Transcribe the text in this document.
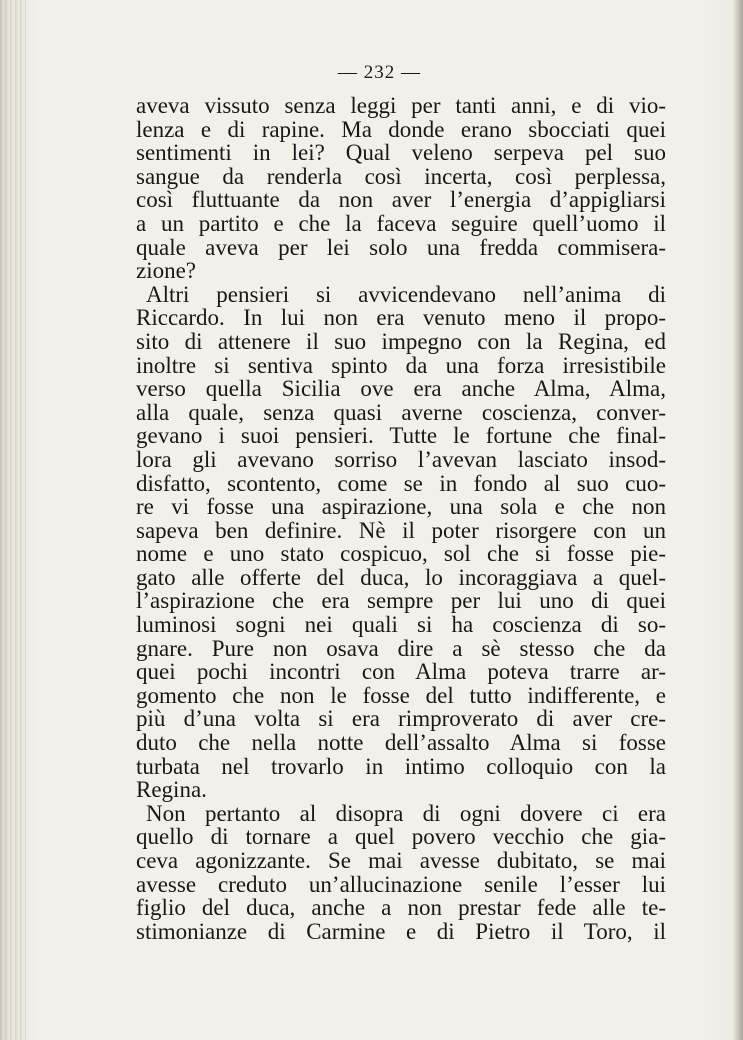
— 232 —
aveva vissuto senza leggi per tanti anni, e di vio-
lenza e di rapine. Ma donde erano sbocciati quei
sentimenti in lei? Qual veleno serpeva pel suo
sangue da renderla così incerta, così perplessa,
così fluttuante da non aver l’energia d’appigliarsi
a un partito e che la faceva seguire quell’uomo il
quale aveva per lei solo una fredda commisera-
zione?
Altri pensieri si avvicendevano nell’anima di
Riccardo. In lui non era venuto meno il propo-
sito di attenere il suo impegno con la Regina, ed
inoltre si sentiva spinto da una forza irresistibile
verso quella Sicilia ove era anche Alma, Alma,
alla quale, senza quasi averne coscienza, conver-
gevano i suoi pensieri. Tutte le fortune che final-
lora gli avevano sorriso l’avevan lasciato insod-
disfatto, scontento, come se in fondo al suo cuo-
re vi fosse una aspirazione, una sola e che non
sapeva ben definire. Nè il poter risorgere con un
nome e uno stato cospicuo, sol che si fosse pie-
gato alle offerte del duca, lo incoraggiava a quel-
l’aspirazione che era sempre per lui uno di quei
luminosi sogni nei quali si ha coscienza di so-
gnare. Pure non osava dire a sè stesso che da
quei pochi incontri con Alma poteva trarre ar-
gomento che non le fosse del tutto indifferente, e
più d’una volta si era rimproverato di aver cre-
duto che nella notte dell’assalto Alma si fosse
turbata nel trovarlo in intimo colloquio con la
Regina.
Non pertanto al disopra di ogni dovere ci era
quello di tornare a quel povero vecchio che gia-
ceva agonizzante. Se mai avesse dubitato, se mai
avesse creduto un’allucinazione senile l’esser lui
figlio del duca, anche a non prestar fede alle te-
stimonianze di Carmine e di Pietro il Toro, il
